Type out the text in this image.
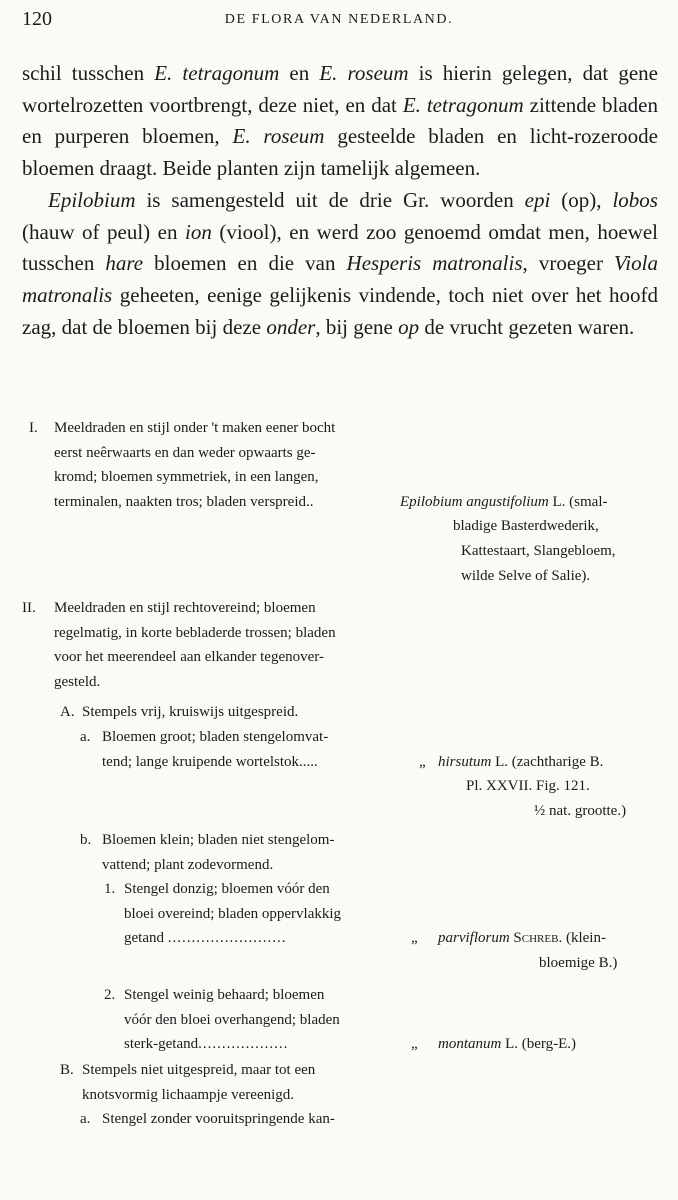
120	DE FLORA VAN NEDERLAND.

schil tusschen E. tetragonum en E. roseum is hierin gelegen, dat gene wortelrozetten voortbrengt, deze niet, en dat E. tetragonum zittende bladen en purperen bloemen, E. roseum gesteelde bladen en licht-rozeroode bloemen draagt. Beide planten zijn tamelijk algemeen.

Epilobium is samengesteld uit de drie Gr. woorden epi (op), lobos (hauw of peul) en ion (viool), en werd zoo genoemd omdat men, hoewel tusschen hare bloemen en die van Hesperis matronalis, vroeger Viola matronalis geheeten, eenige gelijkenis vindende, toch niet over het hoofd zag, dat de bloemen bij deze onder, bij gene op de vrucht gezeten waren.

I. Meeldraden en stijl onder 't maken eener bocht
eerst neêrwaarts en dan weder opwaarts ge-
kromd; bloemen symmetriek, in een langen,
terminalen, naakten tros; bladen verspreid..	Epilobium angustifolium L. (smal-
bladige Basterdwederik,
Kattestaart, Slangebloem,
wilde Selve of Salie).
II. Meeldraden en stijl rechtovereind; bloemen
regelmatig, in korte bebladerde trossen; bladen
voor het meerendeel aan elkander tegenover-
gesteld.
A. Stempels vrij, kruiswijs uitgespreid.
a. Bloemen groot; bladen stengelomvat-
tend; lange kruipende wortelstok.....	„ hirsutum L. (zachtharige B.
Pl. XXVII. Fig. 121.
½ nat. grootte.)
b. Bloemen klein; bladen niet stengelom-
vattend; plant zodevormend.
1. Stengel donzig; bloemen vóór den
bloei overeind; bladen oppervlakkig
getand .........................	„ parviflorum Schreb. (klein-
bloemige B.)
2. Stengel weinig behaard; bloemen
vóór den bloei overhangend; bladen
sterk-getand...................	„ montanum L. (berg-E.)
B. Stempels niet uitgespreid, maar tot een
knotsvormig lichaampje vereenigd.
a. Stengel zonder vooruitspringende kan-
